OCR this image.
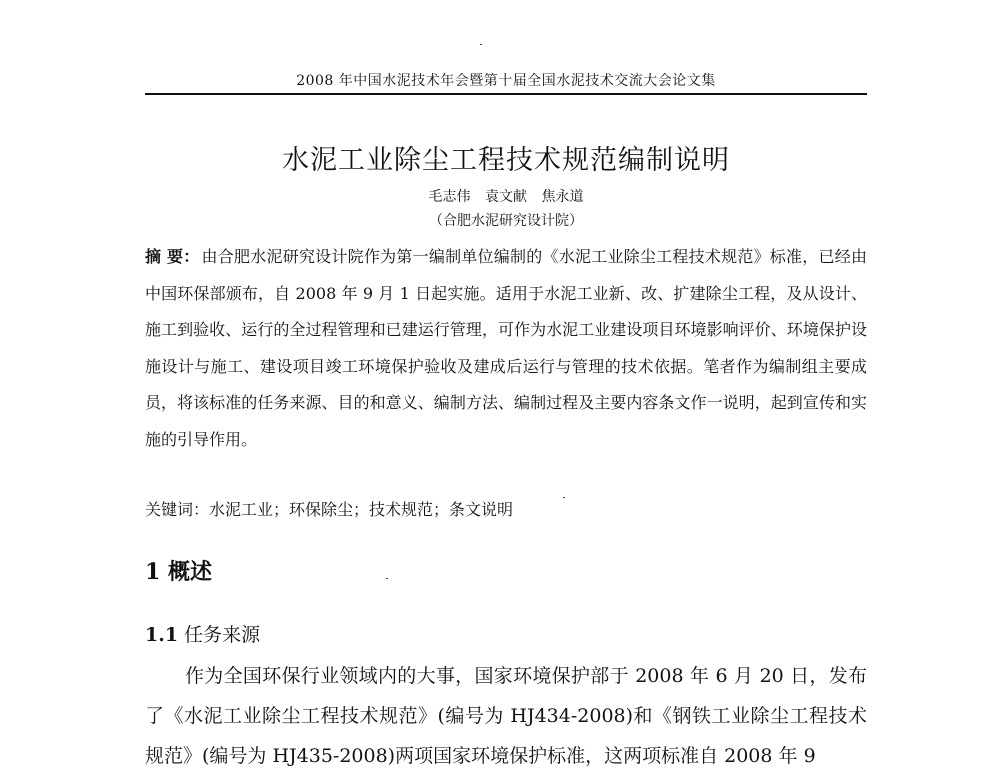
2008 年中国水泥技术年会暨第十届全国水泥技术交流大会论文集
水泥工业除尘工程技术规范编制说明
毛志伟 袁文献 焦永道
（合肥水泥研究设计院）
摘 要： 由合肥水泥研究设计院作为第一编制单位编制的《水泥工业除尘工程技术规范》标准，已经由中国环保部颁布，自 2008 年 9 月 1 日起实施。适用于水泥工业新、改、扩建除尘工程，及从设计、施工到验收、运行的全过程管理和已建运行管理，可作为水泥工业建设项目环境影响评价、环境保护设施设计与施工、建设项目竣工环境保护验收及建成后运行与管理的技术依据。笔者作为编制组主要成员，将该标准的任务来源、目的和意义、编制方法、编制过程及主要内容条文作一说明，起到宣传和实施的引导作用。
关键词：水泥工业；环保除尘；技术规范；条文说明
1 概述
1.1 任务来源
作为全国环保行业领域内的大事，国家环境保护部于 2008 年 6 月 20 日，发布了《水泥工业除尘工程技术规范》(编号为 HJ434-2008)和《钢铁工业除尘工程技术规范》(编号为 HJ435-2008)两项国家环境保护标准，这两项标准自 2008 年 9
